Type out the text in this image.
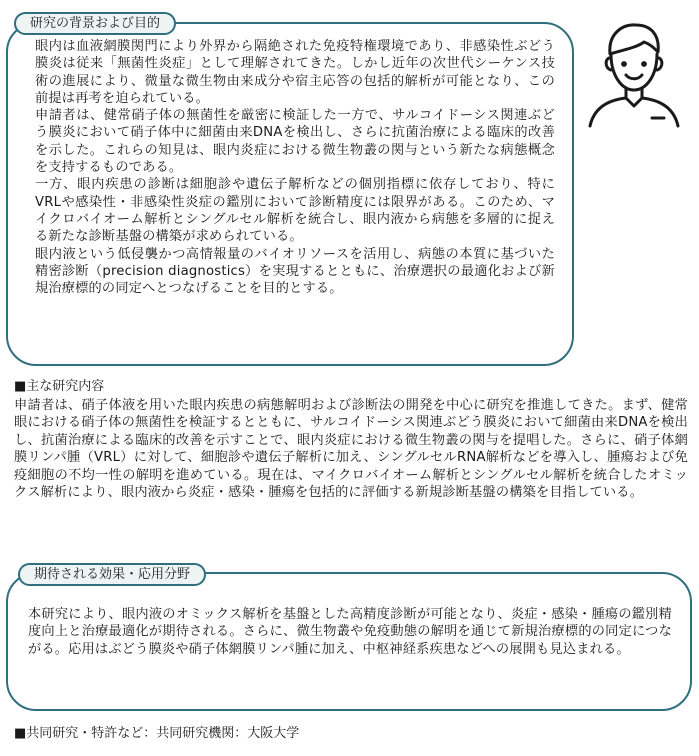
眼内は血液網膜関門により外界から隔絶された免疫特権環境であり、非感染性ぶどう膜炎は従来「無菌性炎症」として理解されてきた。しかし近年の次世代シーケンス技術の進展により、微量な微生物由来成分や宿主応答の包括的解析が可能となり、この前提は再考を迫られている。

申請者は、健常硝子体の無菌性を厳密に検証した一方で、サルコイドーシス関連ぶどう膜炎において硝子体中に細菌由来DNAを検出し、さらに抗菌治療による臨床的改善を示した。これらの知見は、眼内炎症における微生物叢の関与という新たな病態概念を支持するものである。

一方、眼内疾患の診断は細胞診や遺伝子解析などの個別指標に依存しており、特にVRLや感染性・非感染性炎症の鑑別において診断精度には限界がある。このため、マイクロバイオーム解析とシングルセル解析を統合し、眼内液から病態を多層的に捉える新たな診断基盤の構築が求められている。

眼内液という低侵襲かつ高情報量のバイオリソースを活用し、病態の本質に基づいた精密診断（precision diagnostics）を実現するとともに、治療選択の最適化および新規治療標的の同定へとつなげることを目的とする。

研究の背景および目的
■主な研究内容

申請者は、硝子体液を用いた眼内疾患の病態解明および診断法の開発を中心に研究を推進してきた。まず、健常眼における硝子体の無菌性を検証するとともに、サルコイドーシス関連ぶどう膜炎において細菌由来DNAを検出し、抗菌治療による臨床的改善を示すことで、眼内炎症における微生物叢の関与を提唱した。さらに、硝子体網膜リンパ腫（VRL）に対して、細胞診や遺伝子解析に加え、シングルセルRNA解析などを導入し、腫瘍および免疫細胞の不均一性の解明を進めている。現在は、マイクロバイオーム解析とシングルセル解析を統合したオミックス解析により、眼内液から炎症・感染・腫瘍を包括的に評価する新規診断基盤の構築を目指している。

本研究により、眼内液のオミックス解析を基盤とした高精度診断が可能となり、炎症・感染・腫瘍の鑑別精度向上と治療最適化が期待される。さらに、微生物叢や免疫動態の解明を通じて新規治療標的の同定につながる。応用はぶどう膜炎や硝子体網膜リンパ腫に加え、中枢神経系疾患などへの展開も見込まれる。

期待される効果・応用分野
■共同研究・特許など：共同研究機関：大阪大学
